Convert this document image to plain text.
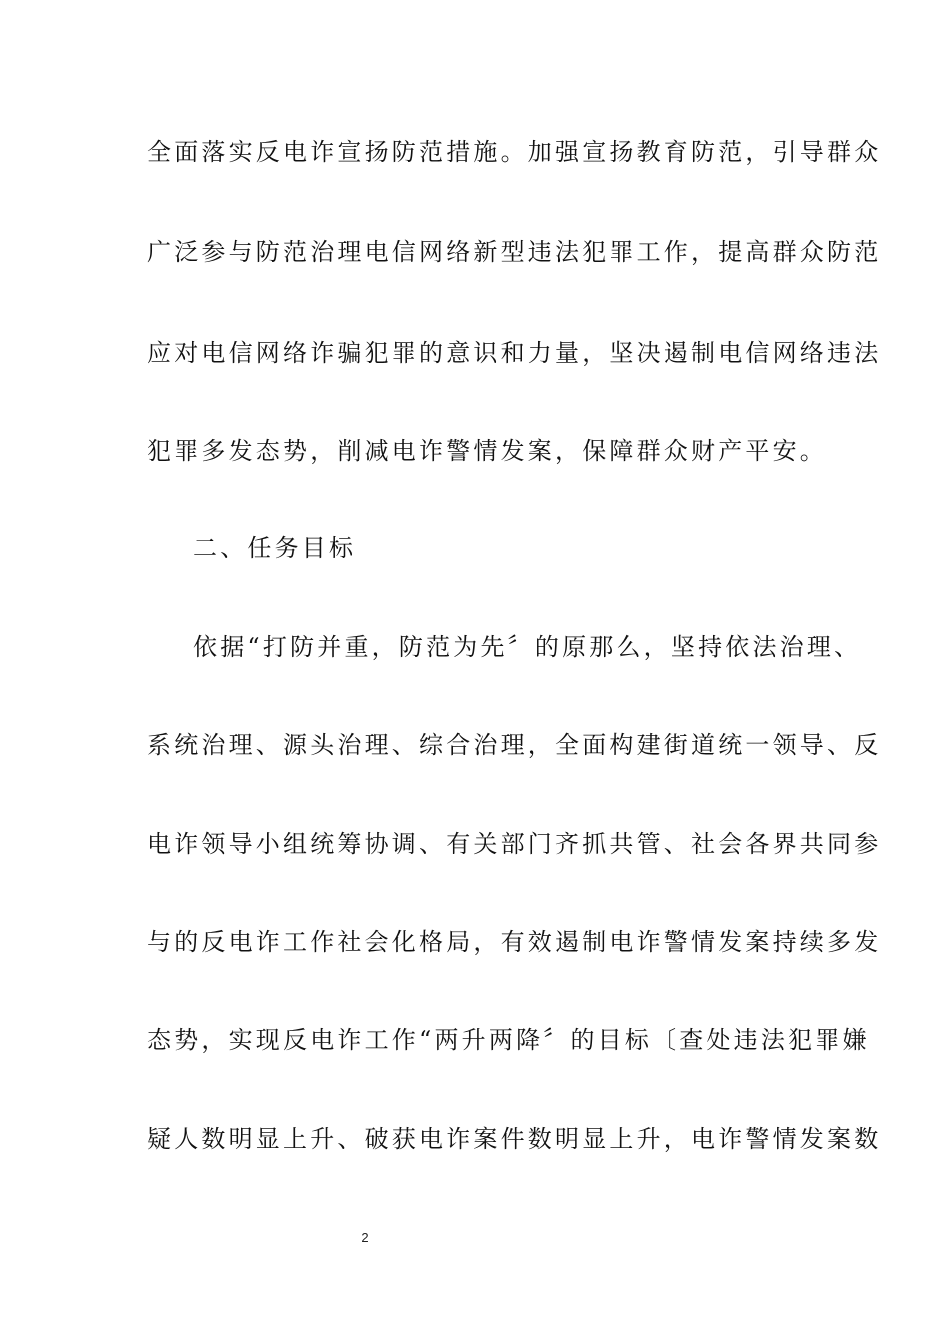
全面落实反电诈宣扬防范措施。加强宣扬教育防范，引导群众
广泛参与防范治理电信网络新型违法犯罪工作，提高群众防范
应对电信网络诈骗犯罪的意识和力量，坚决遏制电信网络违法
犯罪多发态势，削减电诈警情发案，保障群众财产平安。
二、任务目标
依据“打防并重，防范为先〞的原那么，坚持依法治理、
系统治理、源头治理、综合治理，全面构建街道统一领导、反
电诈领导小组统筹协调、有关部门齐抓共管、社会各界共同参
与的反电诈工作社会化格局，有效遏制电诈警情发案持续多发
态势，实现反电诈工作“两升两降〞的目标〔查处违法犯罪嫌
疑人数明显上升、破获电诈案件数明显上升，电诈警情发案数
2
